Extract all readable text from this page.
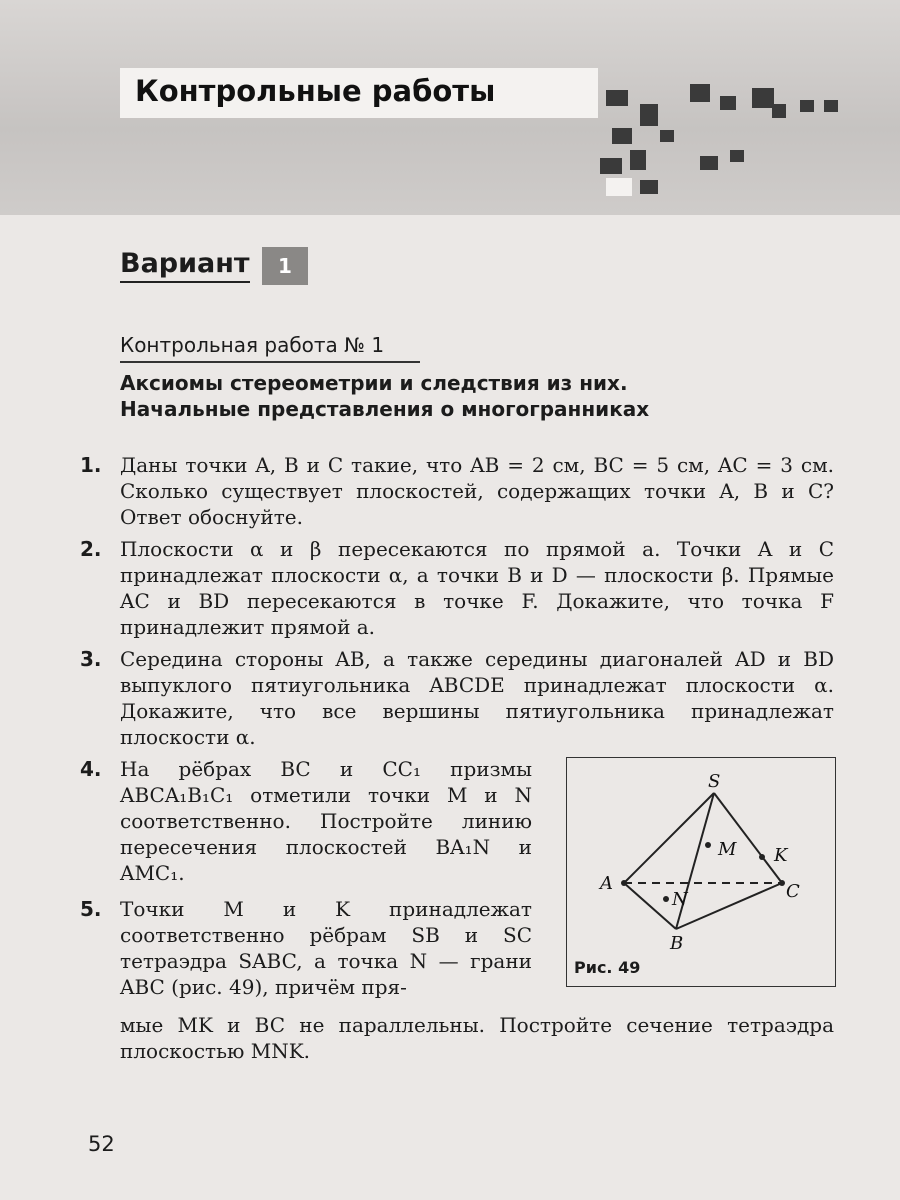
Контрольные работы
Вариант	1
Контрольная работа № 1
Аксиомы стереометрии и следствия из них.
Начальные представления о многогранниках
1. Даны точки A, B и C такие, что AB = 2 см, BC = 5 см, AC = 3 см. Сколько существует плоскостей, содержащих точки A, B и C? Ответ обоснуйте.
2. Плоскости α и β пересекаются по прямой a. Точки A и C принадлежат плоскости α, а точки B и D — плоскости β. Прямые AC и BD пересекаются в точке F. Докажите, что точка F принадлежит прямой a.
3. Середина стороны AB, а также середины диагоналей AD и BD выпуклого пятиугольника ABCDE принадлежат плоскости α. Докажите, что все вершины пятиугольника принадлежат плоскости α.
4. На рёбрах BC и CC₁ призмы ABCA₁B₁C₁ отметили точки M и N соответственно. Постройте линию пересечения плоскостей BA₁N и AMC₁.
5. Точки M и K принадлежат соответственно рёбрам SB и SC тетраэдра SABC, а точка N — грани ABC (рис. 49), причём пря-
мые MK и BC не параллельны. Постройте сечение тетраэдра плоскостью MNK.
S
A
B
C
M K
N
Рис. 49
52
